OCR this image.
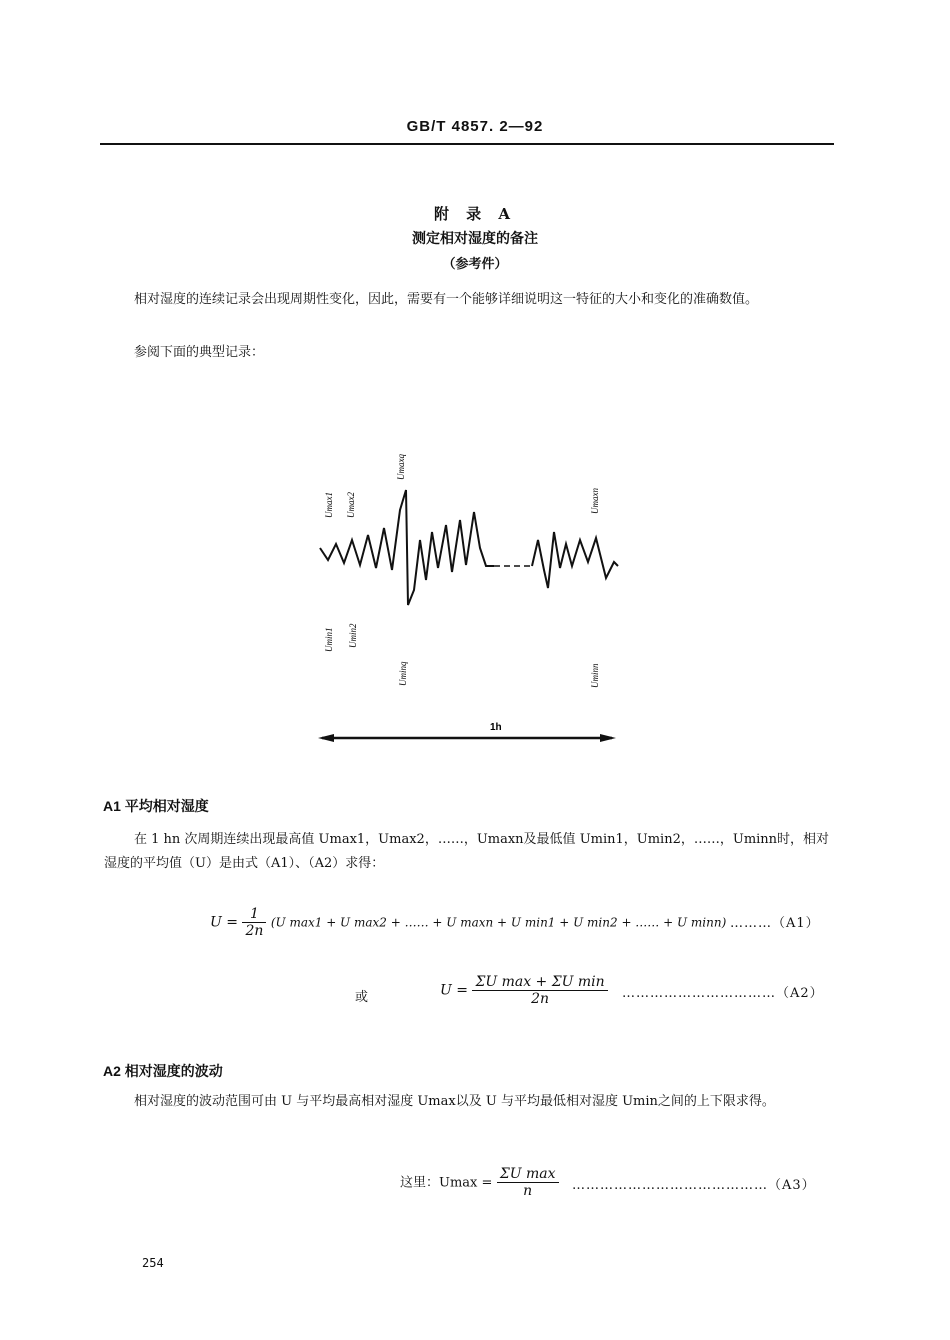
GB/T 4857. 2—92
附 录 A
测定相对湿度的备注
（参考件）
相对湿度的连续记录会出现周期性变化，因此，需要有一个能够详细说明这一特征的大小和变化的准确数值。
参阅下面的典型记录：
Umax1 Umax2
Umaxq
Umaxn
Umin1 Umin2
Uminq	Uminn
1h
A1 平均相对湿度
在 1 hn 次周期连续出现最高值 Umax1，Umax2，……，Umaxn及最低值 Umin1，Umin2，……，Uminn时，相对湿度的平均值（U）是由式（A1）、（A2）求得：
$U = \frac{1}{2n} (U$ max1 + U max2 + …… + U maxn + U min1 + U min2 + …… + U minn) ………（A1）
或	$U = \frac{\text{ΣU max + ΣU min}}{2n}$ ……………………………（A2）
A2 相对湿度的波动
相对湿度的波动范围可由 U 与平均最高相对湿度 Umax以及 U 与平均最低相对湿度 Umin之间的上下限求得。
这里：$Umax = \frac{\text{ΣU max}}{n}$ ……………………………………（A3）
254
